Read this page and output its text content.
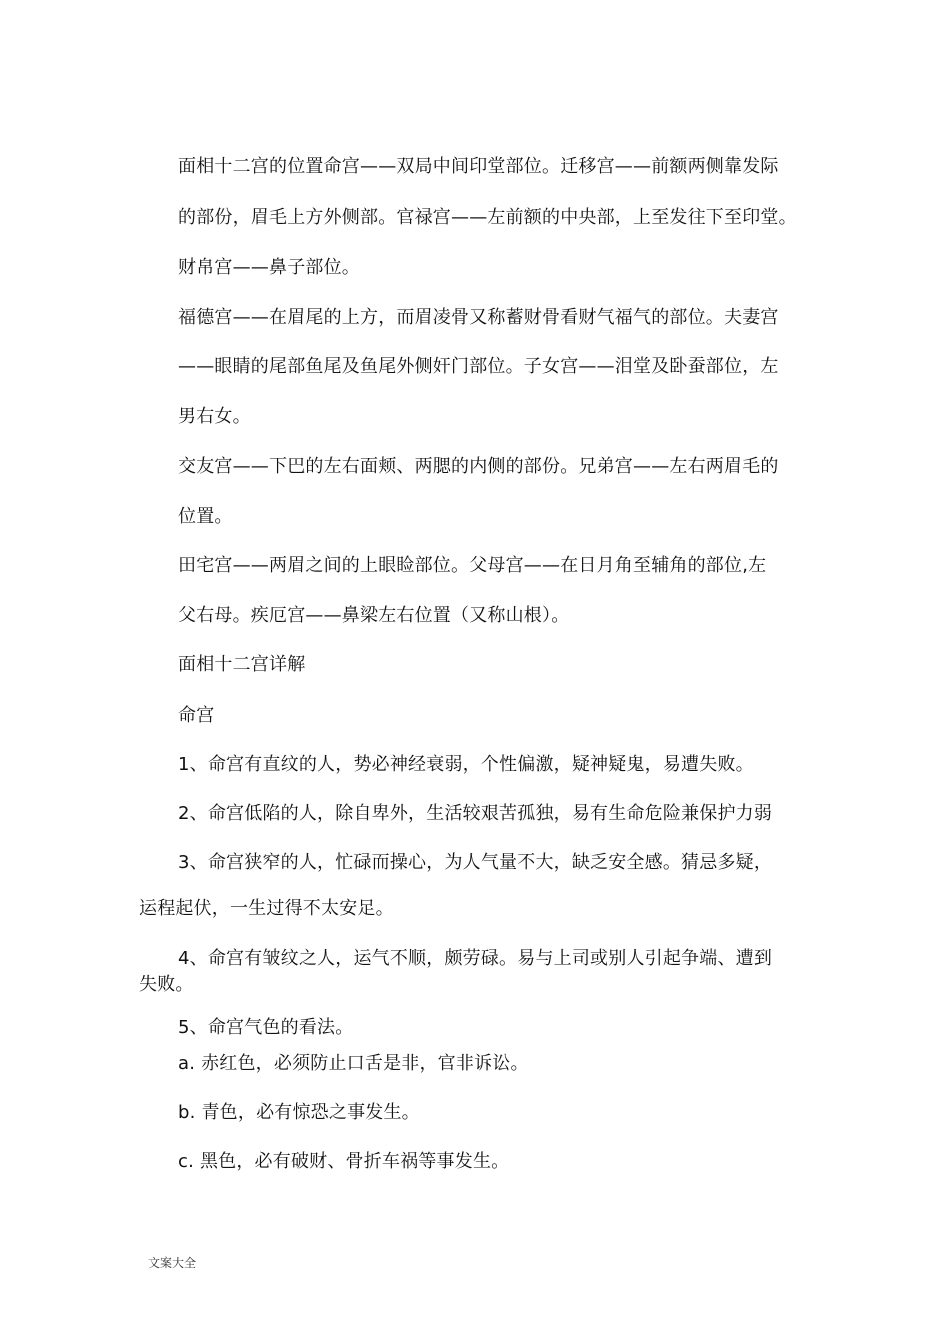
面相十二宫的位置命宫——双局中间印堂部位。迁移宫——前额两侧靠发际
的部份，眉毛上方外侧部。官禄宫——左前额的中央部，上至发往下至印堂。
财帛宫——鼻子部位。
福德宫——在眉尾的上方，而眉凌骨又称蓄财骨看财气福气的部位。夫妻宫
——眼睛的尾部鱼尾及鱼尾外侧奸门部位。子女宫——泪堂及卧蚕部位，左
男右女。
交友宫——下巴的左右面颊、两腮的内侧的部份。兄弟宫——左右两眉毛的
位置。
田宅宫——两眉之间的上眼睑部位。父母宫——在日月角至辅角的部位,左
父右母。疾厄宫——鼻梁左右位置（又称山根）。
面相十二宫详解
命宫
1、命宫有直纹的人，势必神经衰弱，个性偏激，疑神疑鬼，易遭失败。
2、命宫低陷的人，除自卑外，生活较艰苦孤独，易有生命危险兼保护力弱
3、命宫狭窄的人，忙碌而操心，为人气量不大，缺乏安全感。猜忌多疑，
运程起伏，一生过得不太安足。
4、命宫有皱纹之人，运气不顺，颇劳碌。易与上司或别人引起争端、遭到
失败。
5、命宫气色的看法。
a. 赤红色，必须防止口舌是非，官非诉讼。
b. 青色，必有惊恐之事发生。
c. 黑色，必有破财、骨折车祸等事发生。
文案大全
